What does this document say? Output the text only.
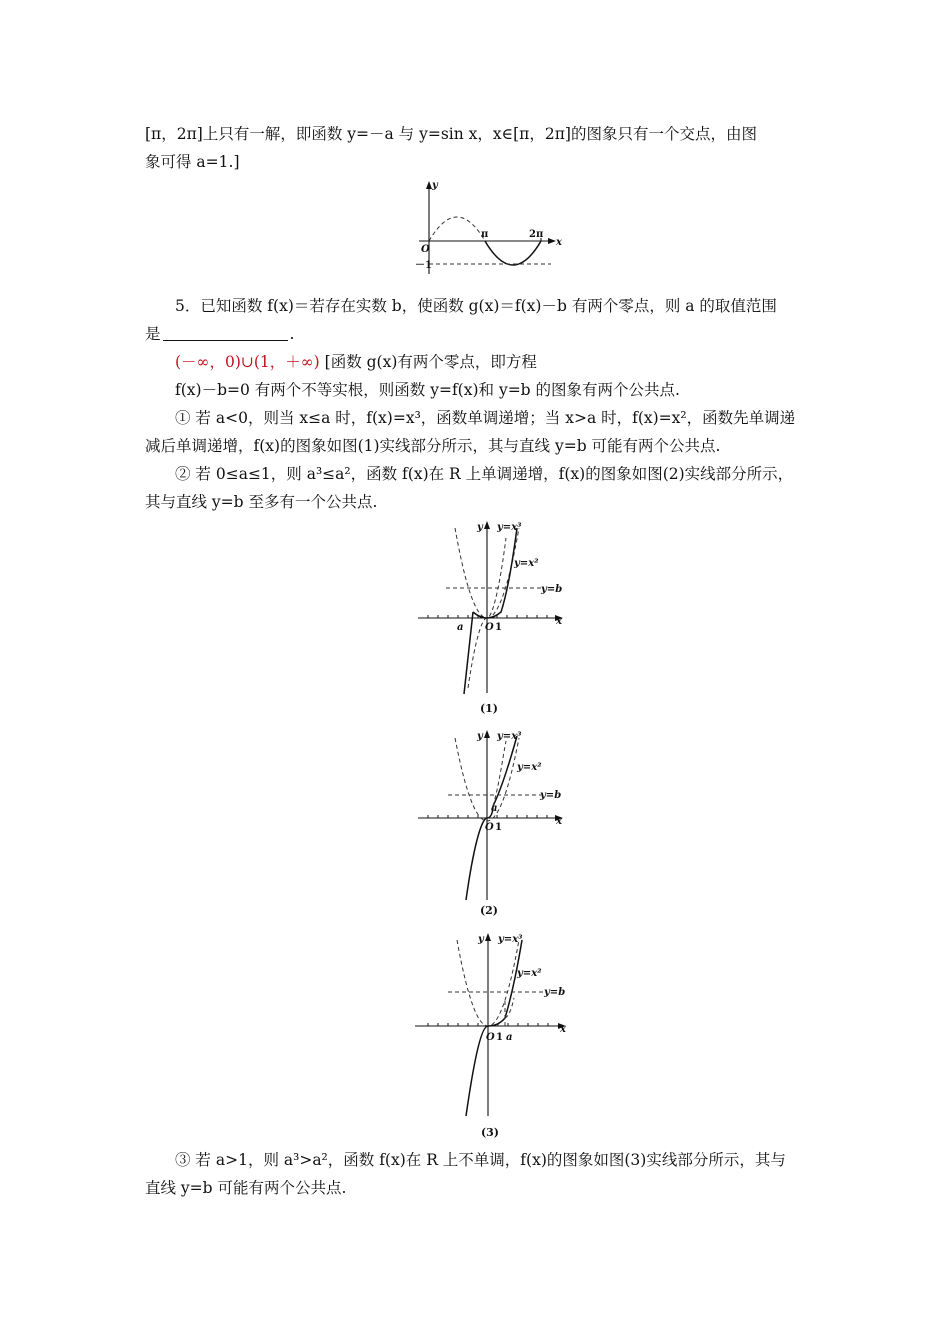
[π，2π]上只有一解，即函数 y=－a 与 y=sin x，x∈[π，2π]的图象只有一个交点，由图
象可得 a=1.]
y
x
O
π	2π
－1
5．已知函数 f(x)＝若存在实数 b，使函数 g(x)＝f(x)－b 有两个零点，则 a 的取值范围
是	.
(－∞，0)∪(1，＋∞) [函数 g(x)有两个零点，即方程
f(x)－b=0 有两个不等实根，则函数 y=f(x)和 y=b 的图象有两个公共点.
① 若 a<0，则当 x≤a 时，f(x)=x³，函数单调递增；当 x>a 时，f(x)=x²，函数先单调递
减后单调递增，f(x)的图象如图(1)实线部分所示，其与直线 y=b 可能有两个公共点.
② 若 0≤a≤1，则 a³≤a²，函数 f(x)在 R 上单调递增，f(x)的图象如图(2)实线部分所示，
其与直线 y=b 至多有一个公共点.
y
x
y=x³
y=x²
y=b
a O 1
(1)
y
x
y=x³
y=x²
y=b
a
O 1
(2)
y
x
y=x³
y=x²
y=b
a
O 1
(3)
③ 若 a>1，则 a³>a²，函数 f(x)在 R 上不单调，f(x)的图象如图(3)实线部分所示，其与
直线 y=b 可能有两个公共点.
